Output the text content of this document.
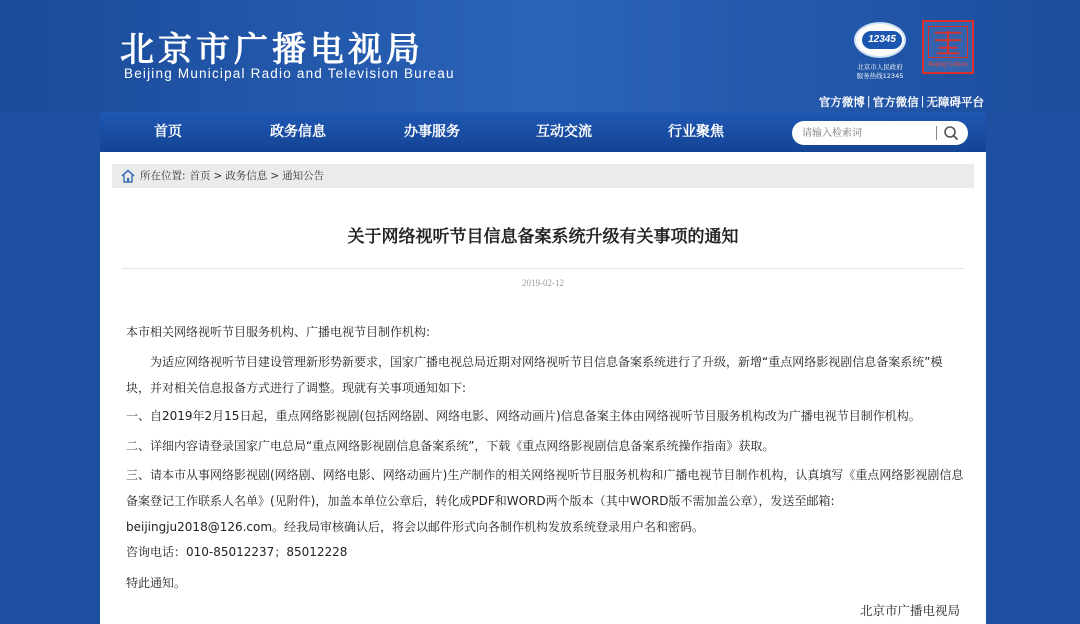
北京市广播电视局
Beijing Municipal Radio and Television Bureau
12345
北京市人民政府
服务热线12345
Beijing Culture
官方微博 | 官方微信 | 无障碍平台
首页	政务信息	办事服务	互动交流	行业聚焦
请输入检索词
所在位置: 首页 > 政务信息 > 通知公告
关于网络视听节目信息备案系统升级有关事项的通知
2019-02-12
本市相关网络视听节目服务机构、广播电视节目制作机构:
为适应网络视听节目建设管理新形势新要求，国家广播电视总局近期对网络视听节目信息备案系统进行了升级，新增“重点网络影视剧信息备案系统”模块，并对相关信息报备方式进行了调整。现就有关事项通知如下:
一、自2019年2月15日起，重点网络影视剧(包括网络剧、网络电影、网络动画片)信息备案主体由网络视听节目服务机构改为广播电视节目制作机构。
二、详细内容请登录国家广电总局“重点网络影视剧信息备案系统”，下载《重点网络影视剧信息备案系统操作指南》获取。
三、请本市从事网络影视剧(网络剧、网络电影、网络动画片)生产制作的相关网络视听节目服务机构和广播电视节目制作机构，认真填写《重点网络影视剧信息备案登记工作联系人名单》(见附件)，加盖本单位公章后，转化成PDF和WORD两个版本（其中WORD版不需加盖公章），发送至邮箱: beijingju2018@126.com。经我局审核确认后，将会以邮件形式向各制作机构发放系统登录用户名和密码。
咨询电话：010-85012237；85012228
特此通知。
北京市广播电视局
